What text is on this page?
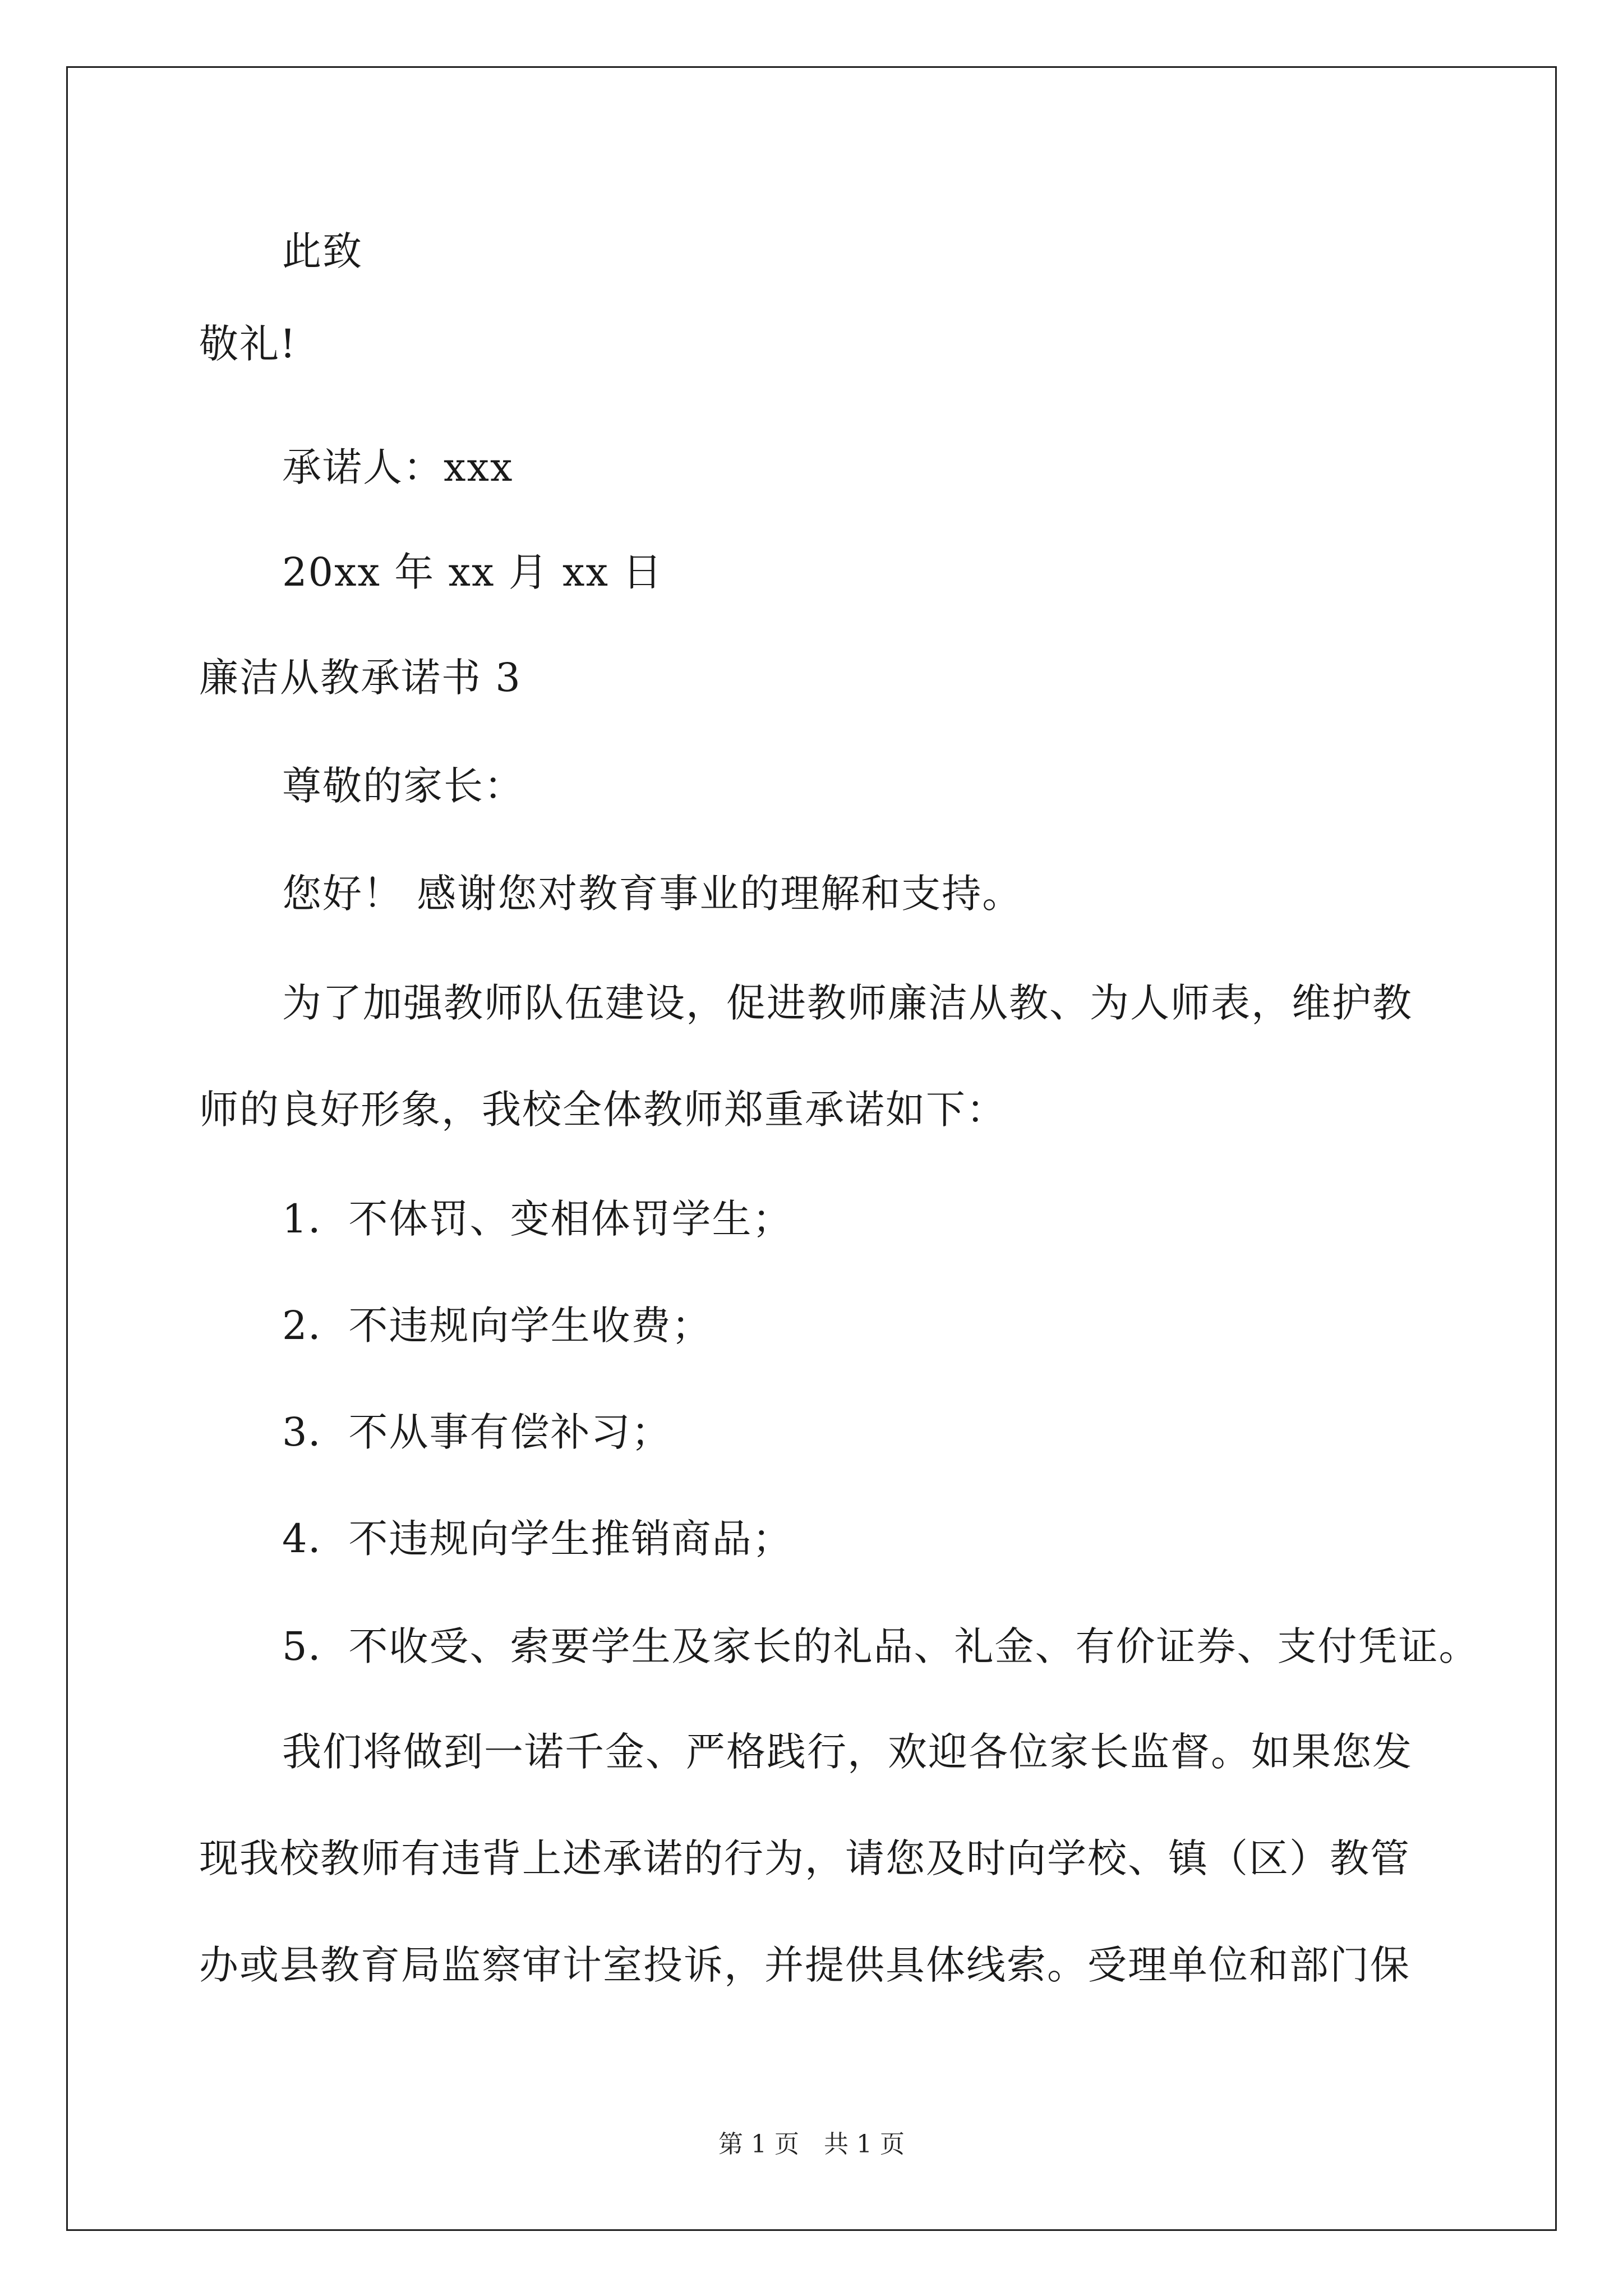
此致
敬礼!
承诺人：xxx
20xx 年 xx 月 xx 日
廉洁从教承诺书 3
尊敬的家长：
您好！ 感谢您对教育事业的理解和支持。
为了加强教师队伍建设，促进教师廉洁从教、为人师表，维护教
师的良好形象，我校全体教师郑重承诺如下：
1．不体罚、变相体罚学生；
2．不违规向学生收费；
3．不从事有偿补习；
4．不违规向学生推销商品；
5．不收受、索要学生及家长的礼品、礼金、有价证券、支付凭证。
我们将做到一诺千金、严格践行，欢迎各位家长监督。如果您发
现我校教师有违背上述承诺的行为，请您及时向学校、镇（区）教管
办或县教育局监察审计室投诉，并提供具体线索。受理单位和部门保
第 1 页　共 1 页
